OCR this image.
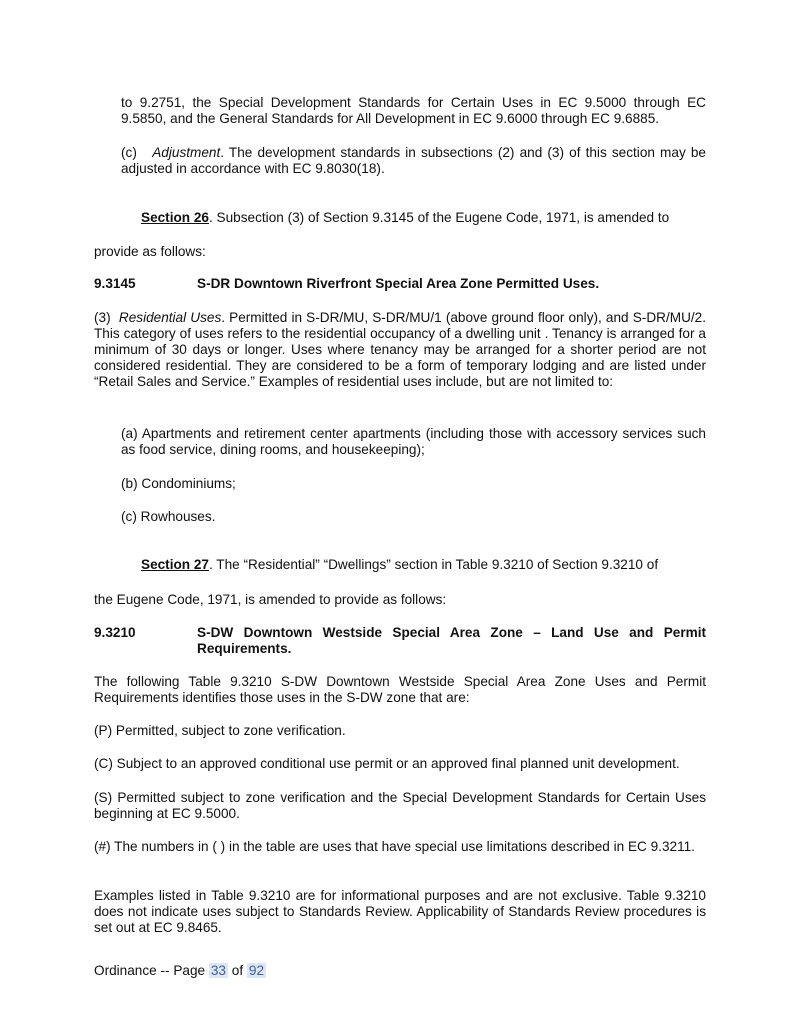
to 9.2751, the Special Development Standards for Certain Uses in EC 9.5000 through EC 9.5850, and the General Standards for All Development in EC 9.6000 through EC 9.6885.

(c) Adjustment. The development standards in subsections (2) and (3) of this section may be adjusted in accordance with EC 9.8030(18).

Section 26. Subsection (3) of Section 9.3145 of the Eugene Code, 1971, is amended to

provide as follows:

9.3145	S-DR Downtown Riverfront Special Area Zone Permitted Uses.

(3) Residential Uses. Permitted in S-DR/MU, S-DR/MU/1 (above ground floor only), and S-DR/MU/2. This category of uses refers to the residential occupancy of a dwelling unit . Tenancy is arranged for a minimum of 30 days or longer. Uses where tenancy may be arranged for a shorter period are not considered residential. They are considered to be a form of temporary lodging and are listed under “Retail Sales and Service.” Examples of residential uses include, but are not limited to:

(a) Apartments and retirement center apartments (including those with accessory services such as food service, dining rooms, and housekeeping);

(b) Condominiums;

(c) Rowhouses.

Section 27. The “Residential” “Dwellings” section in Table 9.3210 of Section 9.3210 of

the Eugene Code, 1971, is amended to provide as follows:

9.3210	S-DW Downtown Westside Special Area Zone – Land Use and Permit Requirements.

The following Table 9.3210 S-DW Downtown Westside Special Area Zone Uses and Permit Requirements identifies those uses in the S-DW zone that are:

(P) Permitted, subject to zone verification.

(C) Subject to an approved conditional use permit or an approved final planned unit development.

(S) Permitted subject to zone verification and the Special Development Standards for Certain Uses beginning at EC 9.5000.

(#) The numbers in ( ) in the table are uses that have special use limitations described in EC 9.3211.

Examples listed in Table 9.3210 are for informational purposes and are not exclusive. Table 9.3210 does not indicate uses subject to Standards Review. Applicability of Standards Review procedures is set out at EC 9.8465.

Ordinance -- Page 33 of 92
